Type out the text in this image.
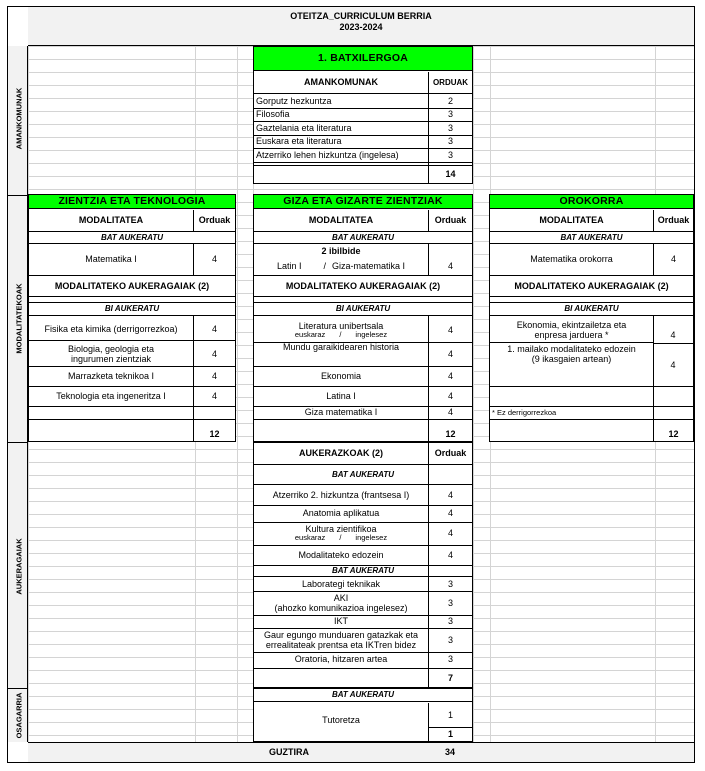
OTEITZA_CURRICULUM BERRIA
2023-2024
AMANKOMUNAK
MODALITATEKOAK
AUKERAGAIAK
OSAGARRIA
GUZTIRA	34
1. BATXILERGOA
AMANKOMUNAK	ORDUAK
Gorputz hezkuntza	2
Filosofia	3
Gaztelania eta literatura	3
Euskara eta literatura	3
Atzerriko lehen hizkuntza (ingelesa)	3
14
ZIENTZIA ETA TEKNOLOGIA
MODALITATEA	Orduak
BAT AUKERATU
Matematika I	4
MODALITATEKO AUKERAGAIAK (2)
BI AUKERATU
Fisika eta kimika (derrigorrezkoa)	4
Biologia, geologia eta
ingurumen zientziak
4
Marrazketa teknikoa I	4
Teknologia eta ingeneritza I	4
12
GIZA ETA GIZARTE ZIENTZIAK
MODALITATEA	Orduak
BAT AUKERATU
2 ibilbide
Latin I / Giza-matematika I	4
MODALITATEKO AUKERAGAIAK (2)
BI AUKERATU
Literatura unibertsala
euskaraz / ingelesez	4
Mundu garaikidearen historia
4
Ekonomia	4
Latina I	4
Giza matematika I	4
12
OROKORRA
MODALITATEA	Orduak
BAT AUKERATU
Matematika orokorra	4
MODALITATEKO AUKERAGAIAK (2)
BI AUKERATU
Ekonomia, ekintzailetza eta
enpresa jarduera *	4
1. mailako modalitateko edozein
(9 ikasgaien artean)
4
* Ez derrigorrezkoa
12
AUKERAZKOAK (2)	Orduak
BAT AUKERATU
Atzerriko 2. hizkuntza (frantsesa I)	4
Anatomia aplikatua	4
Kultura zientifikoa
euskaraz / ingelesez	4
Modalitateko edozein	4
BAT AUKERATU
Laborategi teknikak	3
AKI
(ahozko komunikazioa ingelesez)
3
IKT	3
Gaur egungo munduaren gatazkak eta
errealitateak prentsa eta IKTren bidez
3
Oratoria, hitzaren artea	3
7
BAT AUKERATU
Tutoretza	1
1
